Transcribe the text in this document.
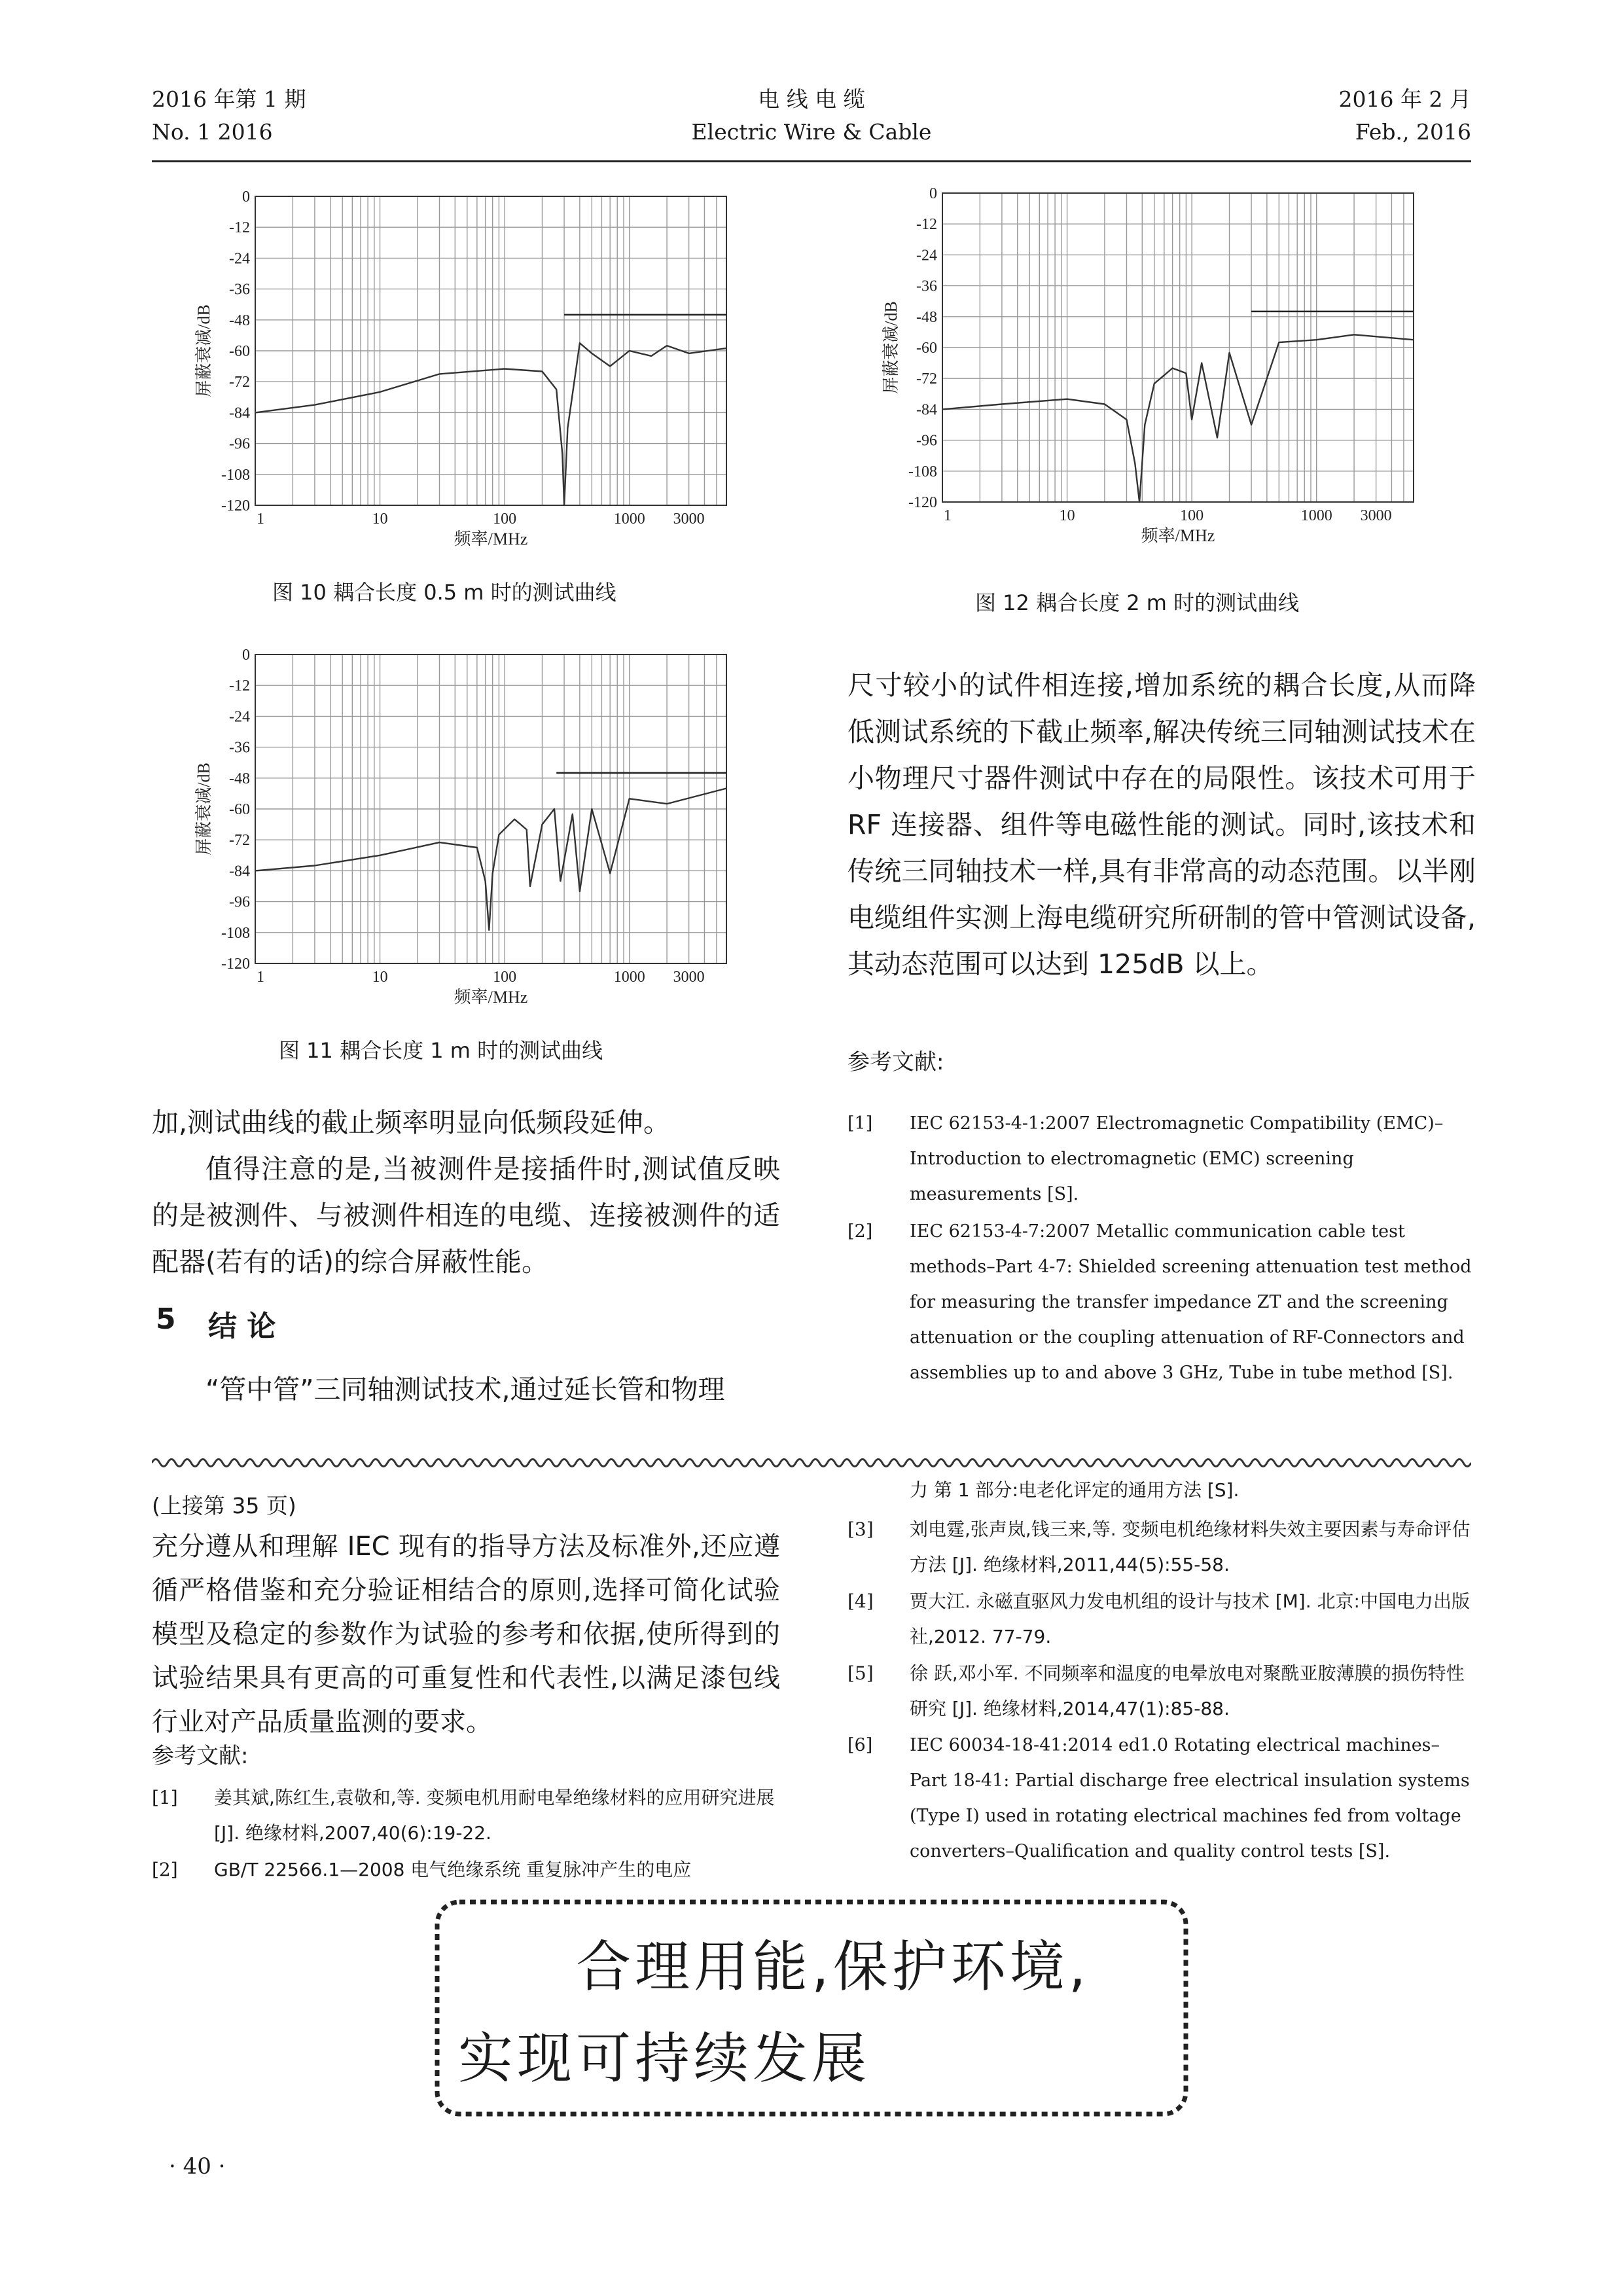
2016 年第 1 期
No. 1 2016
电 线 电 缆
Electric Wire & Cable
2016 年 2 月
Feb., 2016
0
-12
-24
-36
-48
-60
-72
-84
-96
-108
-120
1	10	100	1000 3000
频率/MHz
屏蔽衰减/dB
图 10 耦合长度 0.5 m 时的测试曲线
0
-12
-24
-36
-48
-60
-72
-84
-96
-108
-120
1	10	100	1000 3000
频率/MHz
屏蔽衰减/dB
图 11 耦合长度 1 m 时的测试曲线
0
-12
-24
-36
-48
-60
-72
-84
-96
-108
-120
1	10	100	1000 3000
频率/MHz
屏蔽衰减/dB
图 12 耦合长度 2 m 时的测试曲线

尺寸较小的试件相连接,增加系统的耦合长度,从而降低测试系统的下截止频率,解决传统三同轴测试技术在小物理尺寸器件测试中存在的局限性。该技术可用于 RF 连接器、组件等电磁性能的测试。同时,该技术和传统三同轴技术一样,具有非常高的动态范围。以半刚电缆组件实测上海电缆研究所研制的管中管测试设备,其动态范围可以达到 125dB 以上。

参考文献:
[1] IEC 62153-4-1:2007 Electromagnetic Compatibility (EMC)–Introduction to electromagnetic (EMC) screening measurements [S].
[2] IEC 62153-4-7:2007 Metallic communication cable test methods–Part 4-7: Shielded screening attenuation test method for measuring the transfer impedance ZT and the screening attenuation or the coupling attenuation of RF-Connectors and assemblies up to and above 3 GHz, Tube in tube method [S].

加,测试曲线的截止频率明显向低频段延伸。

值得注意的是,当被测件是接插件时,测试值反映的是被测件、与被测件相连的电缆、连接被测件的适配器(若有的话)的综合屏蔽性能。

5 结 论

“管中管”三同轴测试技术,通过延长管和物理

(上接第 35 页)

充分遵从和理解 IEC 现有的指导方法及标准外,还应遵循严格借鉴和充分验证相结合的原则,选择可简化试验模型及稳定的参数作为试验的参考和依据,使所得到的试验结果具有更高的可重复性和代表性,以满足漆包线行业对产品质量监测的要求。

参考文献:
[1] 姜其斌,陈红生,袁敬和,等. 变频电机用耐电晕绝缘材料的应用研究进展 [J]. 绝缘材料,2007,40(6):19-22.
[2] GB/T 22566.1—2008 电气绝缘系统 重复脉冲产生的电应
力 第 1 部分:电老化评定的通用方法 [S].
[3] 刘电霆,张声岚,钱三来,等. 变频电机绝缘材料失效主要因素与寿命评估方法 [J]. 绝缘材料,2011,44(5):55-58.
[4] 贾大江. 永磁直驱风力发电机组的设计与技术 [M]. 北京:中国电力出版社,2012. 77-79.
[5] 徐 跃,邓小军. 不同频率和温度的电晕放电对聚酰亚胺薄膜的损伤特性研究 [J]. 绝缘材料,2014,47(1):85-88.
[6] IEC 60034-18-41:2014 ed1.0 Rotating electrical machines–Part 18-41: Partial discharge free electrical insulation systems (Type I) used in rotating electrical machines fed from voltage converters–Qualification and quality control tests [S].
合理用能,保护环境,
实现可持续发展
· 40 ·
